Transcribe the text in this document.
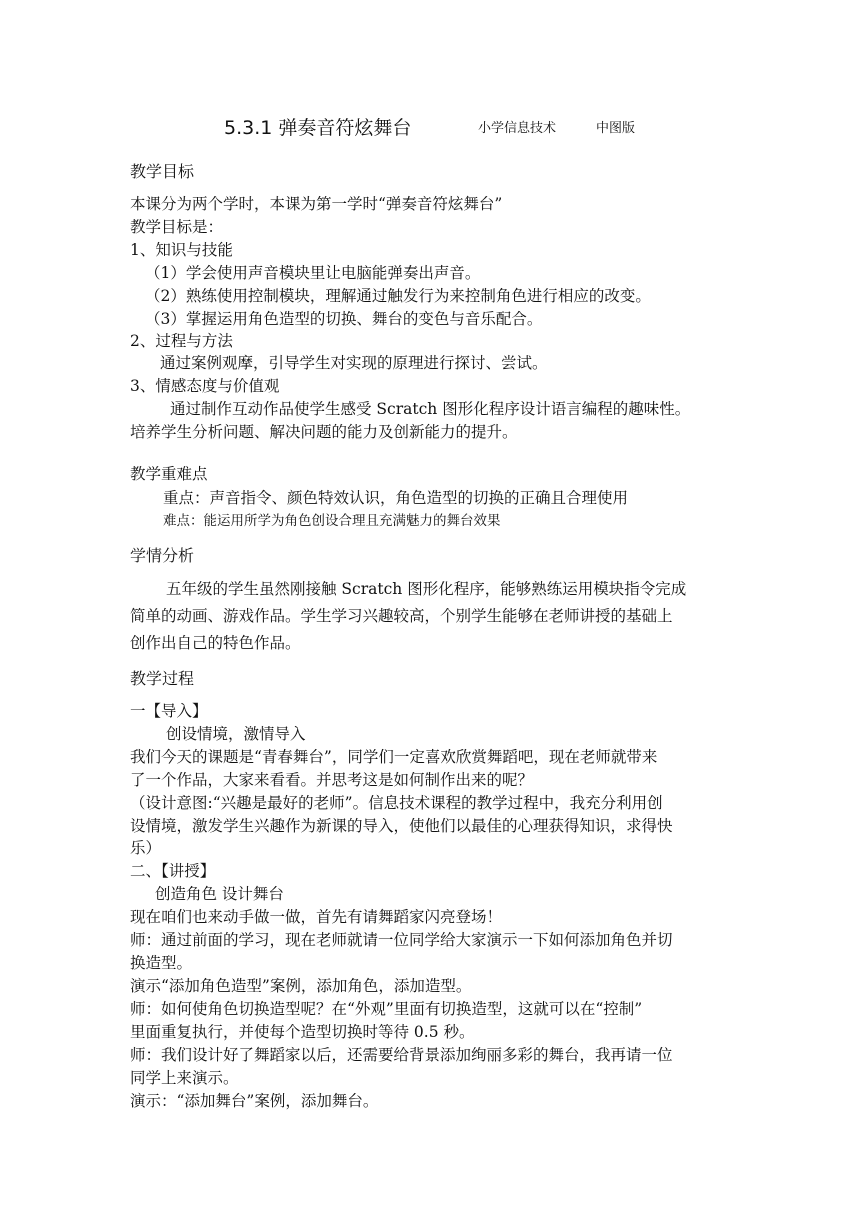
5.3.1 弹奏音符炫舞台	小学信息技术	中图版
教学目标
本课分为两个学时，本课为第一学时“弹奏音符炫舞台”
教学目标是：
1、知识与技能
（1）学会使用声音模块里让电脑能弹奏出声音。
（2）熟练使用控制模块，理解通过触发行为来控制角色进行相应的改变。
（3）掌握运用角色造型的切换、舞台的变色与音乐配合。
2、过程与方法
通过案例观摩，引导学生对实现的原理进行探讨、尝试。
3、情感态度与价值观
通过制作互动作品使学生感受 Scratch 图形化程序设计语言编程的趣味性。
培养学生分析问题、解决问题的能力及创新能力的提升。
教学重难点
重点：声音指令、颜色特效认识，角色造型的切换的正确且合理使用
难点：能运用所学为角色创设合理且充满魅力的舞台效果
学情分析
五年级的学生虽然刚接触 Scratch 图形化程序，能够熟练运用模块指令完成
简单的动画、游戏作品。学生学习兴趣较高，个别学生能够在老师讲授的基础上
创作出自己的特色作品。
教学过程
一【导入】
创设情境，激情导入
我们今天的课题是“青春舞台”，同学们一定喜欢欣赏舞蹈吧，现在老师就带来
了一个作品，大家来看看。并思考这是如何制作出来的呢？
（设计意图:“兴趣是最好的老师”。信息技术课程的教学过程中，我充分利用创
设情境，激发学生兴趣作为新课的导入，使他们以最佳的心理获得知识，求得快
乐）
二、【讲授】
创造角色 设计舞台
现在咱们也来动手做一做，首先有请舞蹈家闪亮登场！
师：通过前面的学习，现在老师就请一位同学给大家演示一下如何添加角色并切
换造型。
演示“添加角色造型”案例，添加角色，添加造型。
师：如何使角色切换造型呢？在“外观”里面有切换造型，这就可以在“控制”
里面重复执行，并使每个造型切换时等待 0.5 秒。
师：我们设计好了舞蹈家以后，还需要给背景添加绚丽多彩的舞台，我再请一位
同学上来演示。
演示：“添加舞台”案例，添加舞台。
